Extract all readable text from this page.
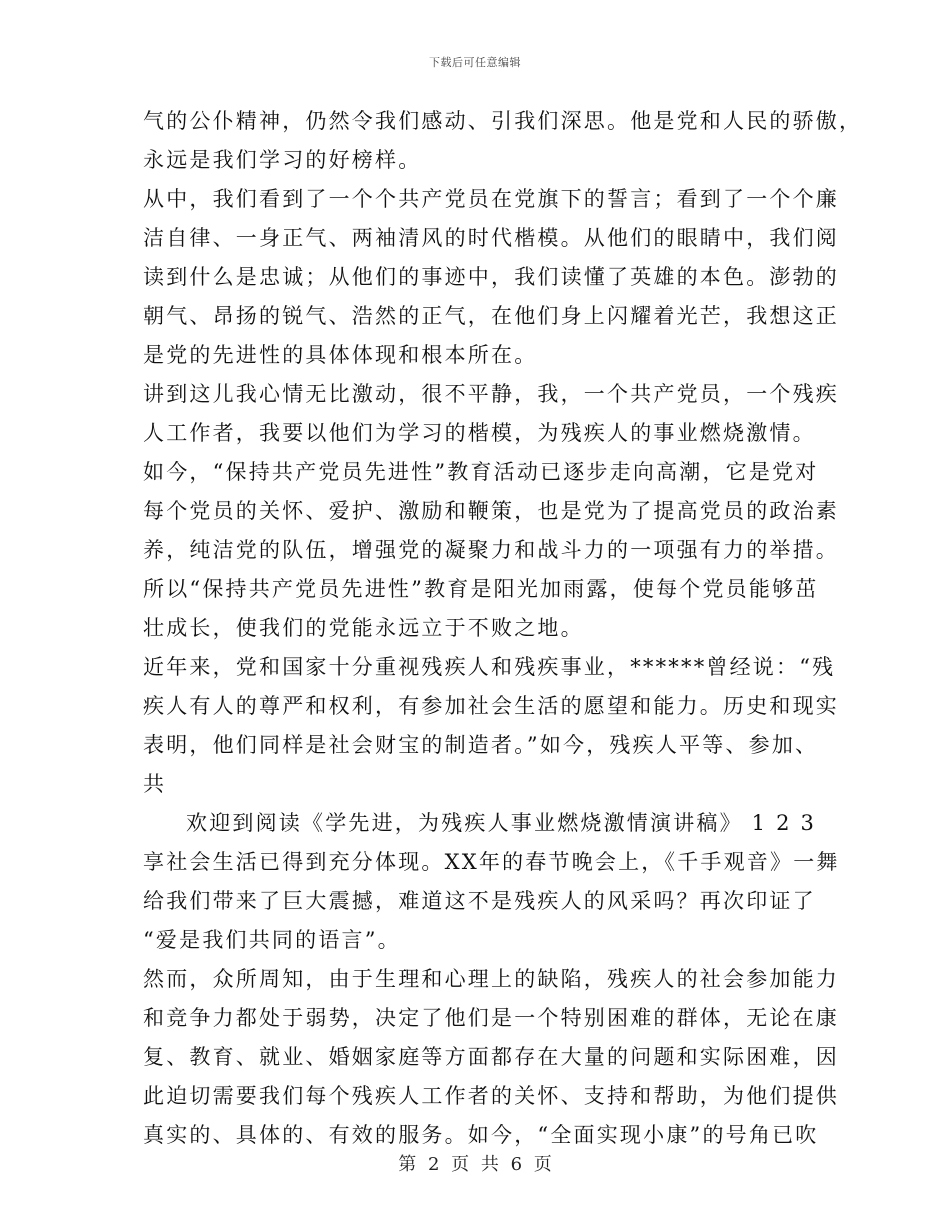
下载后可任意编辑
气的公仆精神，仍然令我们感动、引我们深思。他是党和人民的骄傲，
永远是我们学习的好榜样。
从中，我们看到了一个个共产党员在党旗下的誓言；看到了一个个廉
洁自律、一身正气、两袖清风的时代楷模。从他们的眼睛中，我们阅
读到什么是忠诚；从他们的事迹中，我们读懂了英雄的本色。澎勃的
朝气、昂扬的锐气、浩然的正气，在他们身上闪耀着光芒，我想这正
是党的先进性的具体体现和根本所在。
讲到这儿我心情无比激动，很不平静，我，一个共产党员，一个残疾
人工作者，我要以他们为学习的楷模，为残疾人的事业燃烧激情。
如今，“保持共产党员先进性”教育活动已逐步走向高潮，它是党对
每个党员的关怀、爱护、激励和鞭策，也是党为了提高党员的政治素
养，纯洁党的队伍，增强党的凝聚力和战斗力的一项强有力的举措。
所以“保持共产党员先进性”教育是阳光加雨露，使每个党员能够茁
壮成长，使我们的党能永远立于不败之地。
近年来，党和国家十分重视残疾人和残疾事业，******曾经说：“残
疾人有人的尊严和权利，有参加社会生活的愿望和能力。历史和现实
表明，他们同样是社会财宝的制造者。”如今，残疾人平等、参加、
共
欢迎到阅读《学先进，为残疾人事业燃烧激情演讲稿》 1 2 3
享社会生活已得到充分体现。XX年的春节晚会上，《千手观音》一舞
给我们带来了巨大震撼，难道这不是残疾人的风采吗？再次印证了
“爱是我们共同的语言”。
然而，众所周知，由于生理和心理上的缺陷，残疾人的社会参加能力
和竞争力都处于弱势，决定了他们是一个特别困难的群体，无论在康
复、教育、就业、婚姻家庭等方面都存在大量的问题和实际困难，因
此迫切需要我们每个残疾人工作者的关怀、支持和帮助，为他们提供
真实的、具体的、有效的服务。如今，“全面实现小康”的号角已吹
第 2 页 共 6 页
